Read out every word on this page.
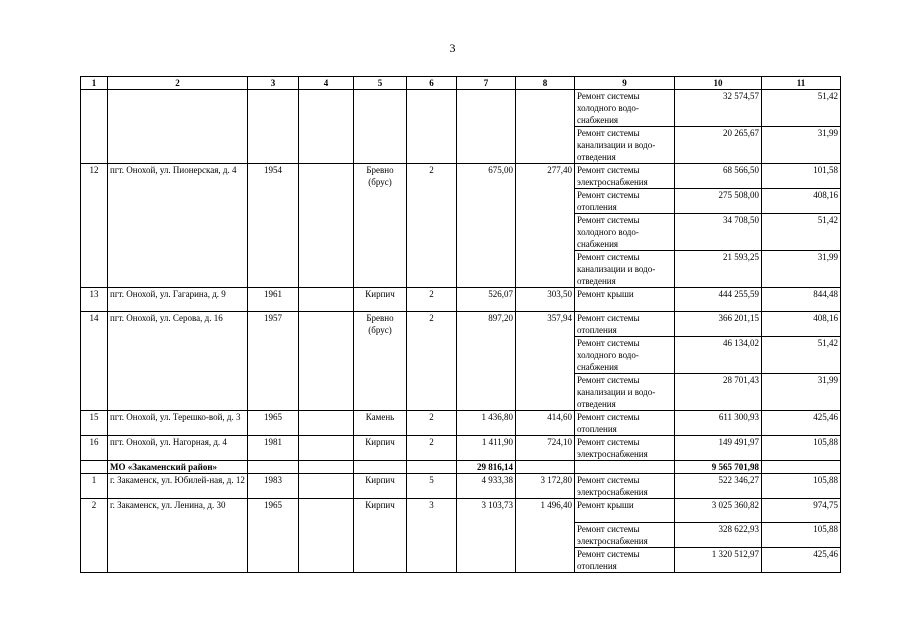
3
1	2	3	4	5	6	7	8	9	10	11
								Ремонт системы холодного водо-снабжения	32 574,57	51,42
								Ремонт системы канализации и водо-отведения	20 265,67	31,99
12	пгт. Онохой, ул. Пионерская, д. 4	1954		Бревно (брус)	2	675,00	277,40	Ремонт системы электроснабжения	68 566,50	101,58
								Ремонт системы отопления	275 508,00	408,16
								Ремонт системы холодного водо-снабжения	34 708,50	51,42
								Ремонт системы канализации и водо-отведения	21 593,25	31,99
13	пгт. Онохой, ул. Гагарина, д. 9	1961		Кирпич	2	526,07	303,50	Ремонт крыши	444 255,59	844,48
14	пгт. Онохой, ул. Серова, д. 16	1957		Бревно (брус)	2	897,20	357,94	Ремонт системы отопления	366 201,15	408,16
								Ремонт системы холодного водо-снабжения	46 134,02	51,42
								Ремонт системы канализации и водо-отведения	28 701,43	31,99
15	пгт. Онохой, ул. Терешко-вой, д. 3	1965		Камень	2	1 436,80	414,60	Ремонт системы отопления	611 300,93	425,46
16	пгт. Онохой, ул. Нагорная, д. 4	1981		Кирпич	2	1 411,90	724,10	Ремонт системы электроснабжения	149 491,97	105,88
	МО «Закаменский район»					29 816,14			9 565 701,98	
1	г. Закаменск, ул. Юбилей-ная, д. 12	1983		Кирпич	5	4 933,38	3 172,80	Ремонт системы электроснабжения	522 346,27	105,88
2	г. Закаменск, ул. Ленина, д. 30	1965		Кирпич	3	3 103,73	1 496,40	Ремонт крыши	3 025 360,82	974,75
								Ремонт системы электроснабжения	328 622,93	105,88
								Ремонт системы отопления	1 320 512,97	425,46
